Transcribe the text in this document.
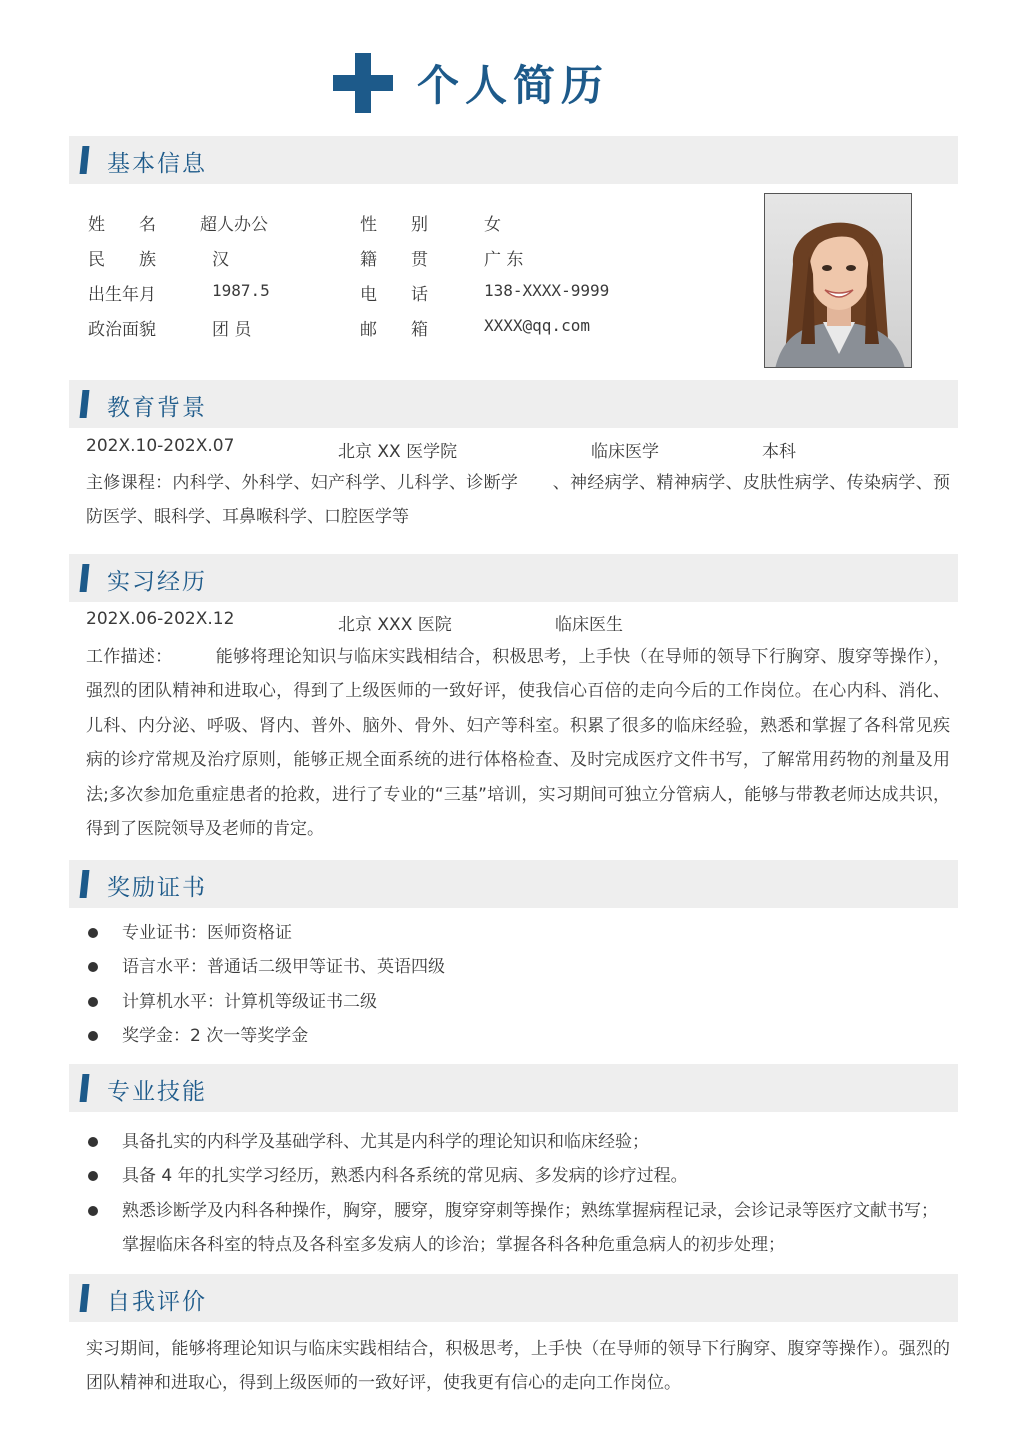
个人简历
基本信息
姓　　名	超人办公	性　　别	女
民　　族	汉	籍　　贯	广 东
出生年月	1987.5	电　　话	138-XXXX-9999
政治面貌	团 员	邮　　箱	XXXX@qq.com
教育背景
202X.10-202X.07	北京 XX 医学院	临床医学	本科
主修课程：内科学、外科学、妇产科学、儿科学、诊断学　　、神经病学、精神病学、皮肤性病学、传染病学、预防医学、眼科学、耳鼻喉科学、口腔医学等
实习经历
202X.06-202X.12	北京 XXX 医院	临床医生
工作描述：　　　能够将理论知识与临床实践相结合，积极思考，上手快（在导师的领导下行胸穿、腹穿等操作），强烈的团队精神和进取心，得到了上级医师的一致好评，使我信心百倍的走向今后的工作岗位。在心内科、消化、儿科、内分泌、呼吸、肾内、普外、脑外、骨外、妇产等科室。积累了很多的临床经验，熟悉和掌握了各科常见疾病的诊疗常规及治疗原则，能够正规全面系统的进行体格检查、及时完成医疗文件书写，了解常用药物的剂量及用法;多次参加危重症患者的抢救，进行了专业的“三基”培训，实习期间可独立分管病人，能够与带教老师达成共识，得到了医院领导及老师的肯定。
奖励证书
专业证书：医师资格证
语言水平：普通话二级甲等证书、英语四级
计算机水平：计算机等级证书二级
奖学金：2 次一等奖学金
专业技能
具备扎实的内科学及基础学科、尤其是内科学的理论知识和临床经验；
具备 4 年的扎实学习经历，熟悉内科各系统的常见病、多发病的诊疗过程。
熟悉诊断学及内科各种操作，胸穿，腰穿，腹穿穿刺等操作；熟练掌握病程记录，会诊记录等医疗文献书写；掌握临床各科室的特点及各科室多发病人的诊治；掌握各科各种危重急病人的初步处理；
自我评价
实习期间，能够将理论知识与临床实践相结合，积极思考，上手快（在导师的领导下行胸穿、腹穿等操作）。强烈的团队精神和进取心，得到上级医师的一致好评，使我更有信心的走向工作岗位。
